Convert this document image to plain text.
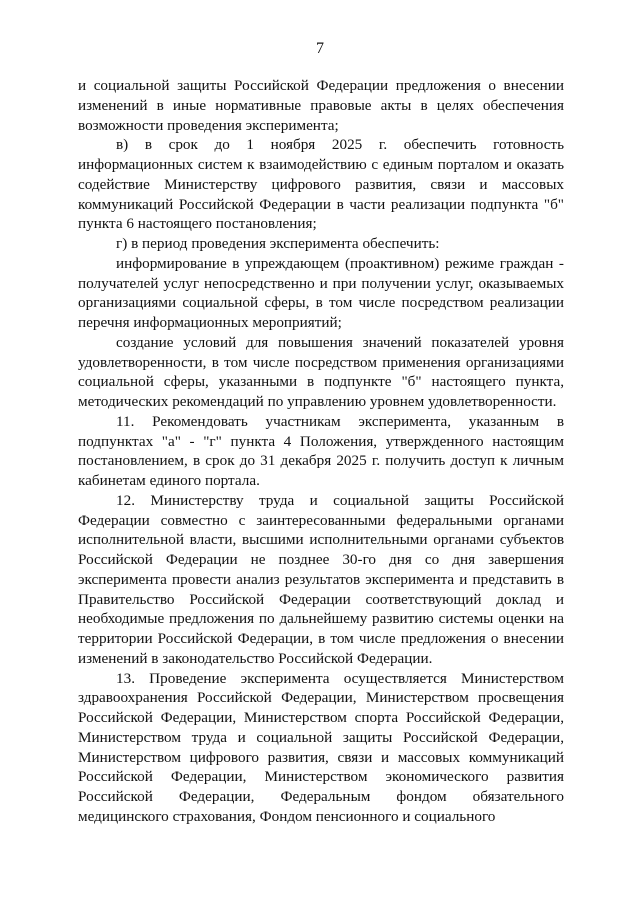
7

и социальной защиты Российской Федерации предложения о внесении изменений в иные нормативные правовые акты в целях обеспечения возможности проведения эксперимента;

в) в срок до 1 ноября 2025 г. обеспечить готовность информационных систем к взаимодействию с единым порталом и оказать содействие Министерству цифрового развития, связи и массовых коммуникаций Российской Федерации в части реализации подпункта "б" пункта 6 настоящего постановления;

г) в период проведения эксперимента обеспечить:

информирование в упреждающем (проактивном) режиме граждан - получателей услуг непосредственно и при получении услуг, оказываемых организациями социальной сферы, в том числе посредством реализации перечня информационных мероприятий;

создание условий для повышения значений показателей уровня удовлетворенности, в том числе посредством применения организациями социальной сферы, указанными в подпункте "б" настоящего пункта, методических рекомендаций по управлению уровнем удовлетворенности.

11. Рекомендовать участникам эксперимента, указанным в подпунктах "а" - "г" пункта 4 Положения, утвержденного настоящим постановлением, в срок до 31 декабря 2025 г. получить доступ к личным кабинетам единого портала.

12. Министерству труда и социальной защиты Российской Федерации совместно с заинтересованными федеральными органами исполнительной власти, высшими исполнительными органами субъектов Российской Федерации не позднее 30-го дня со дня завершения эксперимента провести анализ результатов эксперимента и представить в Правительство Российской Федерации соответствующий доклад и необходимые предложения по дальнейшему развитию системы оценки на территории Российской Федерации, в том числе предложения о внесении изменений в законодательство Российской Федерации.

13. Проведение эксперимента осуществляется Министерством здравоохранения Российской Федерации, Министерством просвещения Российской Федерации, Министерством спорта Российской Федерации, Министерством труда и социальной защиты Российской Федерации, Министерством цифрового развития, связи и массовых коммуникаций Российской Федерации, Министерством экономического развития Российской Федерации, Федеральным фондом обязательного медицинского страхования, Фондом пенсионного и социального
